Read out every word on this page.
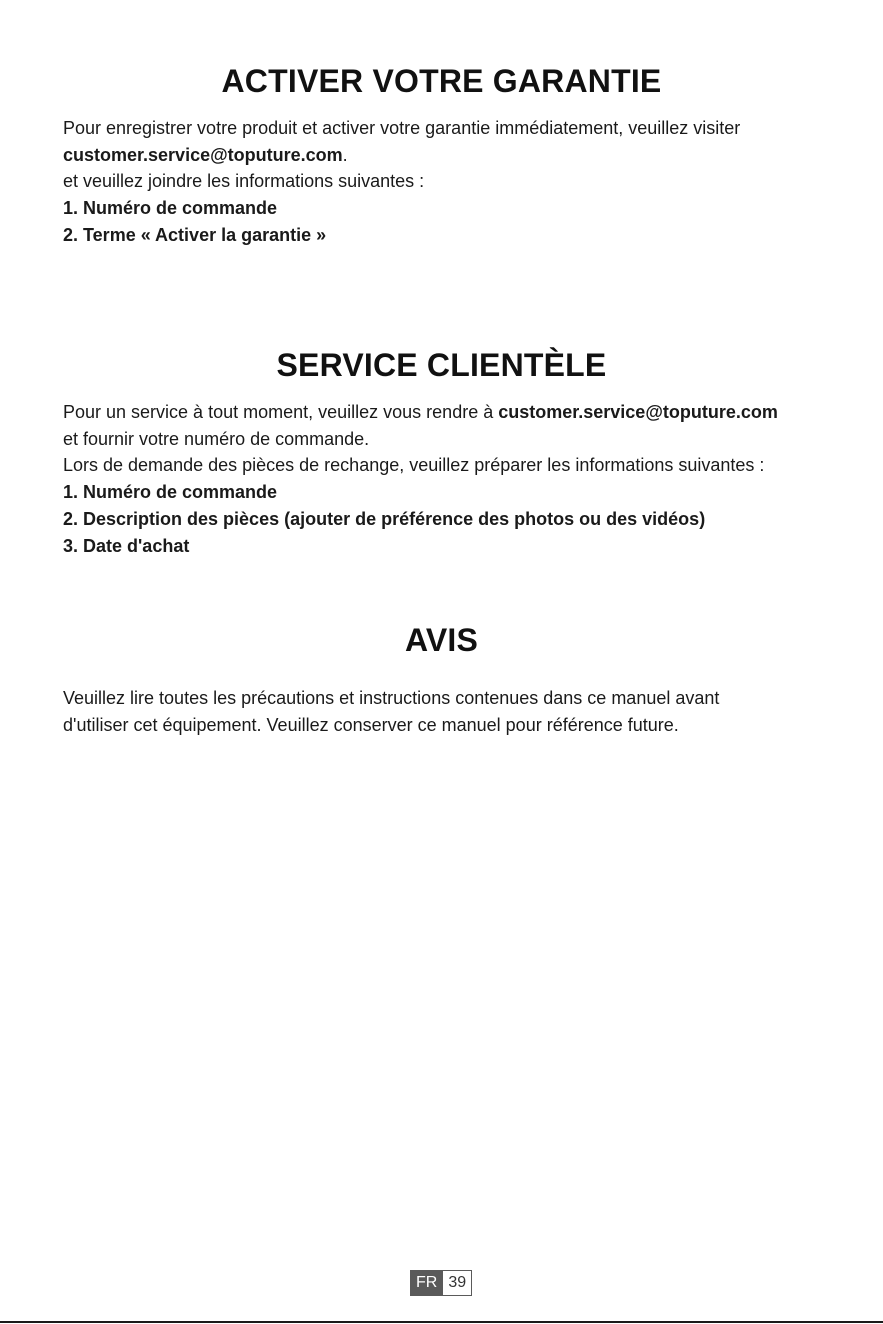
ACTIVER VOTRE GARANTIE

Pour enregistrer votre produit et activer votre garantie immédiatement, veuillez visiter

customer.service@toputure.com.

et veuillez joindre les informations suivantes :

1. Numéro de commande

2. Terme « Activer la garantie »

SERVICE CLIENTÈLE

Pour un service à tout moment, veuillez vous rendre à customer.service@toputure.com

et fournir votre numéro de commande.

Lors de demande des pièces de rechange, veuillez préparer les informations suivantes :

1. Numéro de commande

2. Description des pièces (ajouter de préférence des photos ou des vidéos)

3. Date d'achat

AVIS

Veuillez lire toutes les précautions et instructions contenues dans ce manuel avant

d'utiliser cet équipement. Veuillez conserver ce manuel pour référence future.

FR 39
